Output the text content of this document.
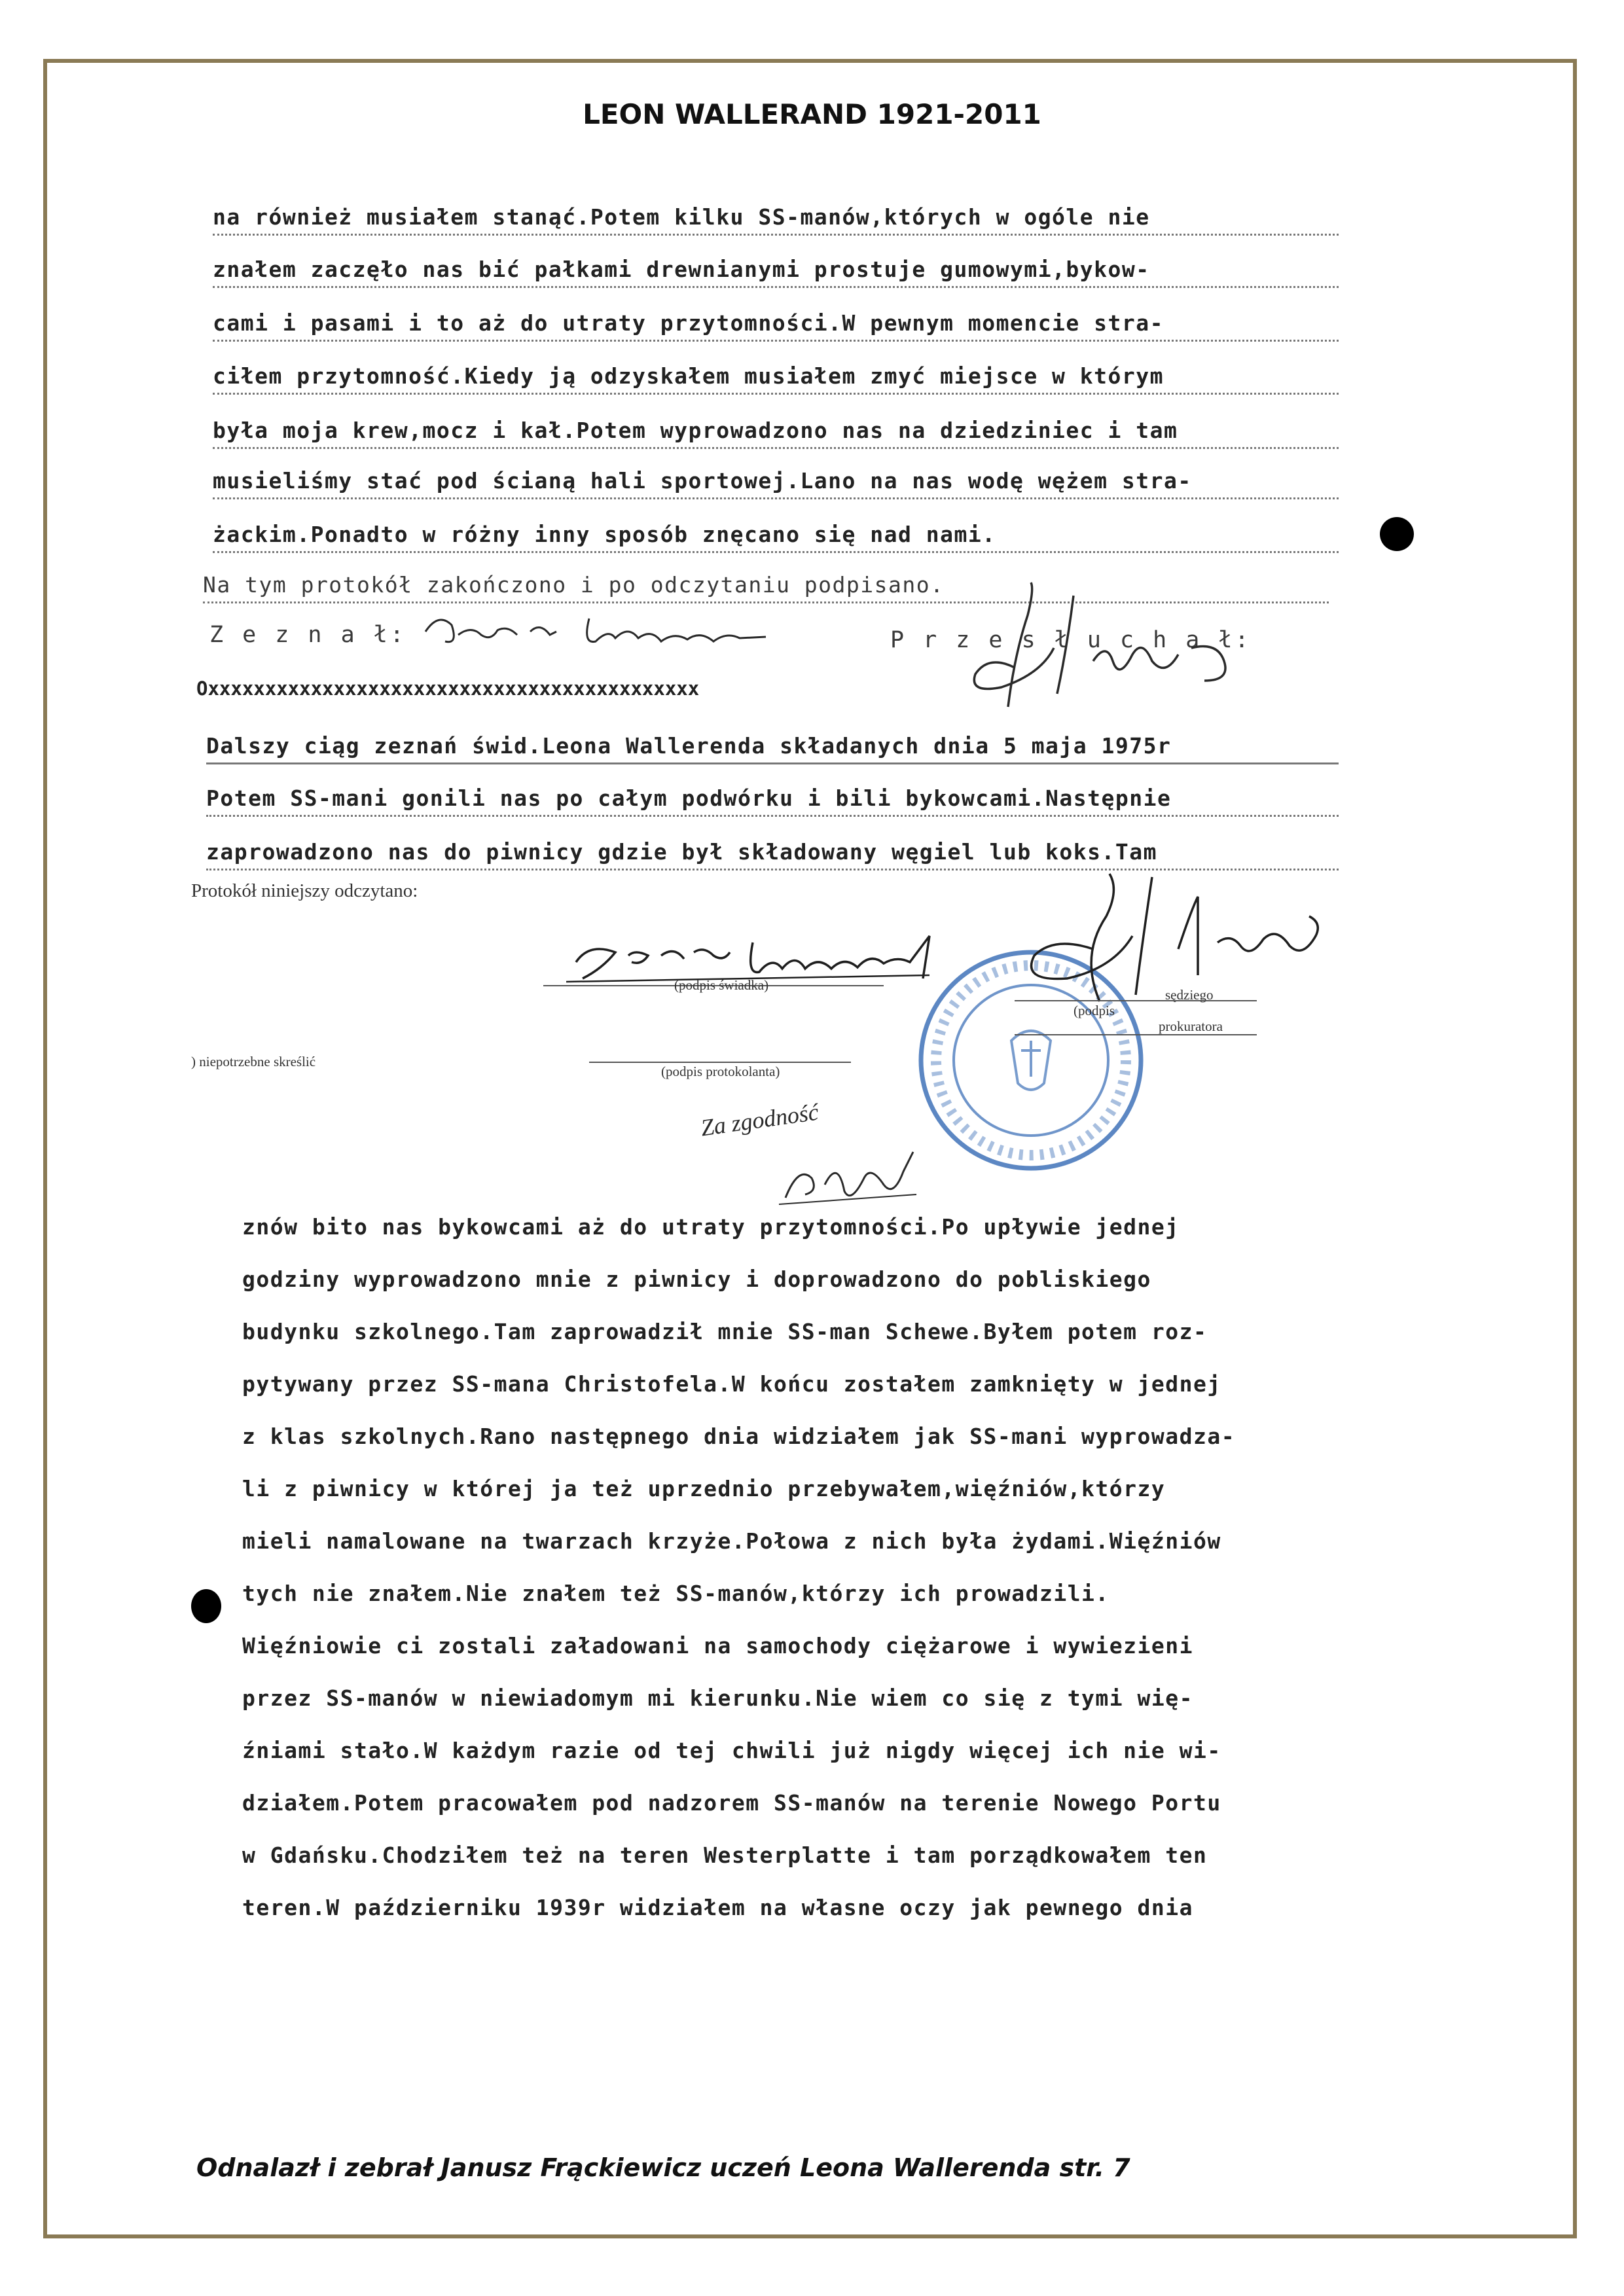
LEON WALLERAND 1921-2011
na również musiałem stanąć.Potem kilku SS-manów,których w ogóle nie
znałem zaczęło nas bić pałkami drewnianymi prostuje gumowymi,bykow-
cami i pasami i to aż do utraty przytomności.W pewnym momencie stra-
ciłem przytomność.Kiedy ją odzyskałem musiałem zmyć miejsce w którym
była moja krew,mocz i kał.Potem wyprowadzono nas na dziedziniec i tam
musieliśmy stać pod ścianą hali sportowej.Lano na nas wodę wężem stra-
żackim.Ponadto w różny inny sposób znęcano się nad nami.
Na tym protokół zakończono i po odczytaniu podpisano.
Z e z n a ł:	P r z e s ł u c h a ł:
Oxxxxxxxxxxxxxxxxxxxxxxxxxxxxxxxxxxxxxxxxxxx
Dalszy ciąg zeznań świd.Leona Wallerenda składanych dnia 5 maja 1975r
Potem SS-mani gonili nas po całym podwórku i bili bykowcami.Następnie
zaprowadzono nas do piwnicy gdzie był składowany węgiel lub koks.Tam
Protokół niniejszy odczytano:
(podpis świadka)
(podpis
sędziego
prokuratora
) niepotrzebne skreślić
(podpis protokolanta)
Za zgodność
znów bito nas bykowcami aż do utraty przytomności.Po upływie jednej
godziny wyprowadzono mnie z piwnicy i doprowadzono do pobliskiego
budynku szkolnego.Tam zaprowadził mnie SS-man Schewe.Byłem potem roz-
pytywany przez SS-mana Christofela.W końcu zostałem zamknięty w jednej
z klas szkolnych.Rano następnego dnia widziałem jak SS-mani wyprowadza-
li z piwnicy w której ja też uprzednio przebywałem,więźniów,którzy
mieli namalowane na twarzach krzyże.Połowa z nich była żydami.Więźniów
tych nie znałem.Nie znałem też SS-manów,którzy ich prowadzili.
Więźniowie ci zostali załadowani na samochody ciężarowe i wywiezieni
przez SS-manów w niewiadomym mi kierunku.Nie wiem co się z tymi wię-
źniami stało.W każdym razie od tej chwili już nigdy więcej ich nie wi-
działem.Potem pracowałem pod nadzorem SS-manów na terenie Nowego Portu
w Gdańsku.Chodziłem też na teren Westerplatte i tam porządkowałem ten
teren.W październiku 1939r widziałem na własne oczy jak pewnego dnia
Odnalazł i zebrał Janusz Frąckiewicz uczeń Leona Wallerenda str. 7
